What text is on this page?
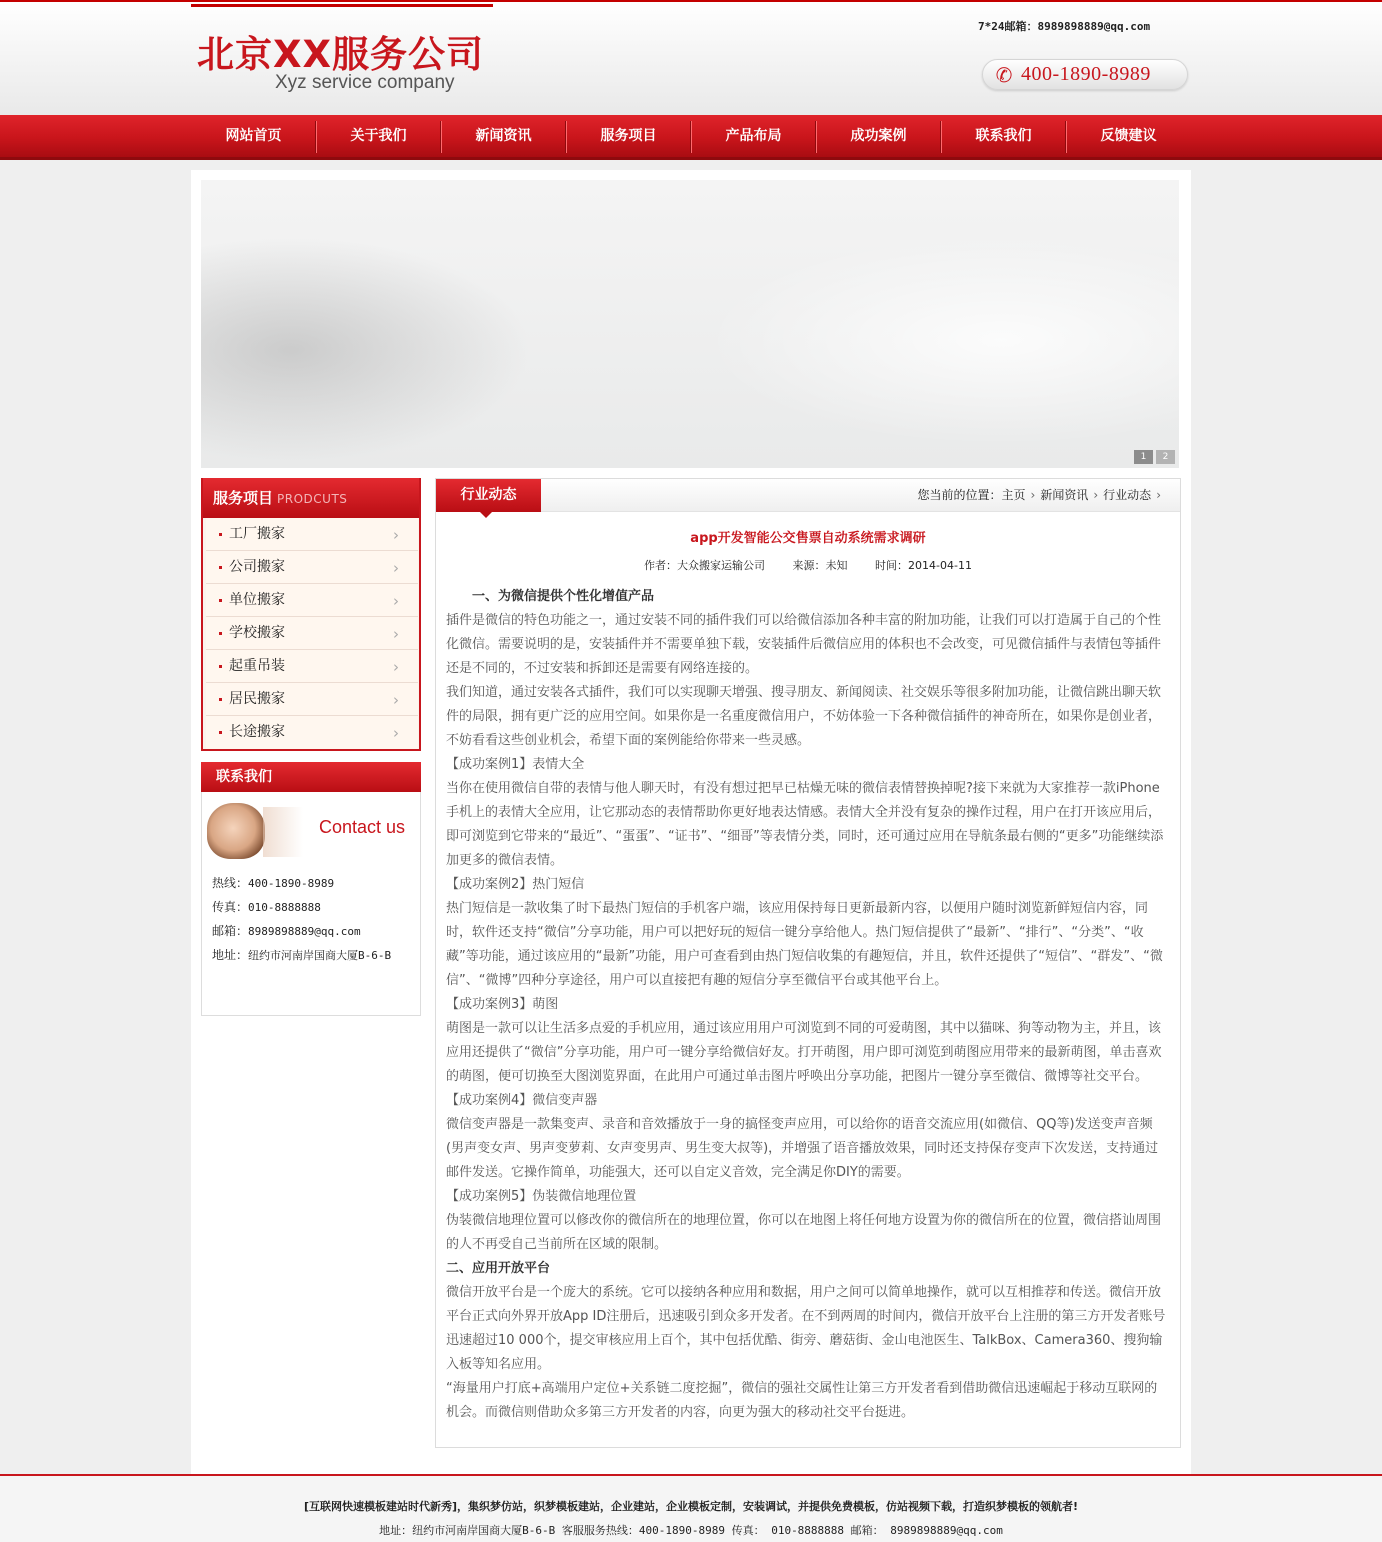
北京XX服务公司
Xyz service company
7*24邮箱：8989898889@qq.com
✆ 400-1890-8989
网站首页	关于我们	新闻资讯	服务项目	产品布局	成功案例	联系我们	反馈建议
1	2
服务项目 PRODCUTS
工厂搬家	›
公司搬家	›
单位搬家	›
学校搬家	›
起重吊装	›
居民搬家	›
长途搬家	›
联系我们
Contact us
热线：400-1890-8989
传真：010-8888888
邮箱：8989898889@qq.com
地址：纽约市河南岸国商大厦B-6-B
行业动态	您当前的位置：主页 › 新闻资讯 › 行业动态 ›
app开发智能公交售票自动系统需求调研
作者：大众搬家运输公司	来源：未知	时间：2014-04-11

一、为微信提供个性化增值产品

插件是微信的特色功能之一，通过安装不同的插件我们可以给微信添加各种丰富的附加功能，让我们可以打造属于自己的个性化微信。需要说明的是，安装插件并不需要单独下载，安装插件后微信应用的体积也不会改变，可见微信插件与表情包等插件还是不同的，不过安装和拆卸还是需要有网络连接的。

我们知道，通过安装各式插件，我们可以实现聊天增强、搜寻朋友、新闻阅读、社交娱乐等很多附加功能，让微信跳出聊天软件的局限，拥有更广泛的应用空间。如果你是一名重度微信用户，不妨体验一下各种微信插件的神奇所在，如果你是创业者，不妨看看这些创业机会，希望下面的案例能给你带来一些灵感。

【成功案例1】表情大全

当你在使用微信自带的表情与他人聊天时，有没有想过把早已枯燥无味的微信表情替换掉呢?接下来就为大家推荐一款iPhone手机上的表情大全应用，让它那动态的表情帮助你更好地表达情感。表情大全并没有复杂的操作过程，用户在打开该应用后，即可浏览到它带来的“最近”、“蛋蛋”、“证书”、“细哥”等表情分类，同时，还可通过应用在导航条最右侧的“更多”功能继续添加更多的微信表情。

【成功案例2】热门短信

热门短信是一款收集了时下最热门短信的手机客户端，该应用保持每日更新最新内容，以便用户随时浏览新鲜短信内容，同时，软件还支持“微信”分享功能，用户可以把好玩的短信一键分享给他人。热门短信提供了“最新”、“排行”、“分类”、“收藏”等功能，通过该应用的“最新”功能，用户可查看到由热门短信收集的有趣短信，并且，软件还提供了“短信”、“群发”、“微信”、“微博”四种分享途径，用户可以直接把有趣的短信分享至微信平台或其他平台上。

【成功案例3】萌图

萌图是一款可以让生活多点爱的手机应用，通过该应用用户可浏览到不同的可爱萌图，其中以猫咪、狗等动物为主，并且，该应用还提供了“微信”分享功能，用户可一键分享给微信好友。打开萌图，用户即可浏览到萌图应用带来的最新萌图，单击喜欢的萌图，便可切换至大图浏览界面，在此用户可通过单击图片呼唤出分享功能，把图片一键分享至微信、微博等社交平台。

【成功案例4】微信变声器

微信变声器是一款集变声、录音和音效播放于一身的搞怪变声应用，可以给你的语音交流应用(如微信、QQ等)发送变声音频(男声变女声、男声变萝莉、女声变男声、男生变大叔等)，并增强了语音播放效果，同时还支持保存变声下次发送，支持通过邮件发送。它操作简单，功能强大，还可以自定义音效，完全满足你DIY的需要。

【成功案例5】伪装微信地理位置

伪装微信地理位置可以修改你的微信所在的地理位置，你可以在地图上将任何地方设置为你的微信所在的位置，微信搭讪周围的人不再受自己当前所在区域的限制。

二、应用开放平台

微信开放平台是一个庞大的系统。它可以接纳各种应用和数据，用户之间可以简单地操作，就可以互相推荐和传送。微信开放平台正式向外界开放App ID注册后，迅速吸引到众多开发者。在不到两周的时间内，微信开放平台上注册的第三方开发者账号迅速超过10 000个，提交审核应用上百个，其中包括优酷、街旁、蘑菇街、金山电池医生、TalkBox、Camera360、搜狗输入板等知名应用。

“海量用户打底+高端用户定位+关系链二度挖掘”，微信的强社交属性让第三方开发者看到借助微信迅速崛起于移动互联网的机会。而微信则借助众多第三方开发者的内容，向更为强大的移动社交平台挺进。

[互联网快速模板建站时代新秀]，集织梦仿站，织梦模板建站，企业建站，企业模板定制，安装调试，并提供免费模板，仿站视频下载，打造织梦模板的领航者!
地址：纽约市河南岸国商大厦B-6-B 客服服务热线：400-1890-8989 传真： 010-8888888 邮箱： 8989898889@qq.com
